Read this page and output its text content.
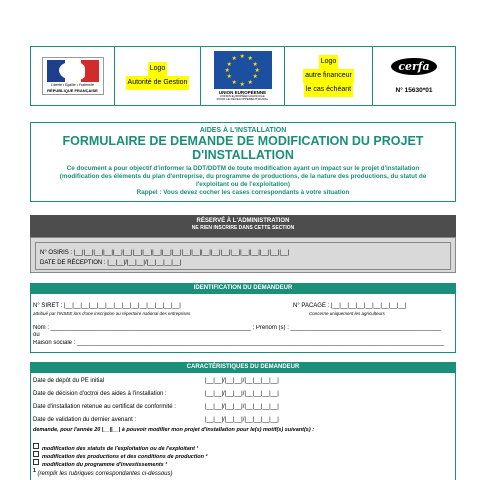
Liberté • Égalité • Fraternité
RÉPUBLIQUE FRANÇAISE
Logo
Autorité de Gestion
★ ★
★
★
★
★
★
★
★
★
★
★
UNION EUROPÉENNE
FONDS EUROPÉEN AGRICOLE
POUR LE DÉVELOPPEMENT RURAL
Logo
autre financeur
le cas échéant
cerfa
N° 15630*01
AIDES À L'INSTALLATION
FORMULAIRE DE DEMANDE DE MODIFICATION DU PROJET
D'INSTALLATION
Ce document a pour objectif d'informer la DDT/DDTM de toute modification ayant un impact sur le projet d'installation
(modification des éléments du plan d'entreprise, du programme de productions, de la nature des productions, du statut de
l'exploitant ou de l'exploitation)
Rappel : Vous devez cocher les cases correspondants à votre situation
RÉSERVÉ À L'ADMINISTRATION
NE RIEN INSCRIRE DANS CETTE SECTION
N° OSIRIS : |__||__||__||__||__||__||__||__||__||__||__||__||__||__||__||__||__||__||__||__||__||__|
DATE DE RÉCEPTION : |__|__|/|__|__|/|__|__|__|__|
IDENTIFICATION DU DEMANDEUR
N° SIRET : |__|__|__|__|__|__|__|__|__|__|__|__|__|__|
attribué par l'INSEE lors d'une inscription au répertoire national des entreprises
N° PACAGE : |__|__|__|__|__|__|__|__|__|
Concerne uniquement les agriculteurs
Nom : ____________________________________________________________ ; Prénom (s) : _____________________________________________
ou
Raison sociale : ______________________________________________________________________________________________________________
CARACTÉRISTIQUES DU DEMANDEUR
Date de dépôt du PE initial	|__|__|/|__|__|/|__|__|__|__|
Date de décision d'octroi des aides à l'installation :	|__|__|/|__|__|/|__|__|__|__|
Date d'installation retenue au certificat de conformité :	|__|__|/|__|__|/|__|__|__|__|
Date de validation du dernier avenant :	|__|__|/|__|__|/|__|__|__|__|
demande, pour l'année 20 |__||__| à pouvoir modifier mon projet d'installation pour le(s) motif(s) suivant(s) :
modification des statuts de l'exploitation ou de l'exploitant ¹
modification des productions et des conditions de production ²
modification du programme d'investissements ³
$^1$ (remplir les rubriques correspondantes ci-dessous)
